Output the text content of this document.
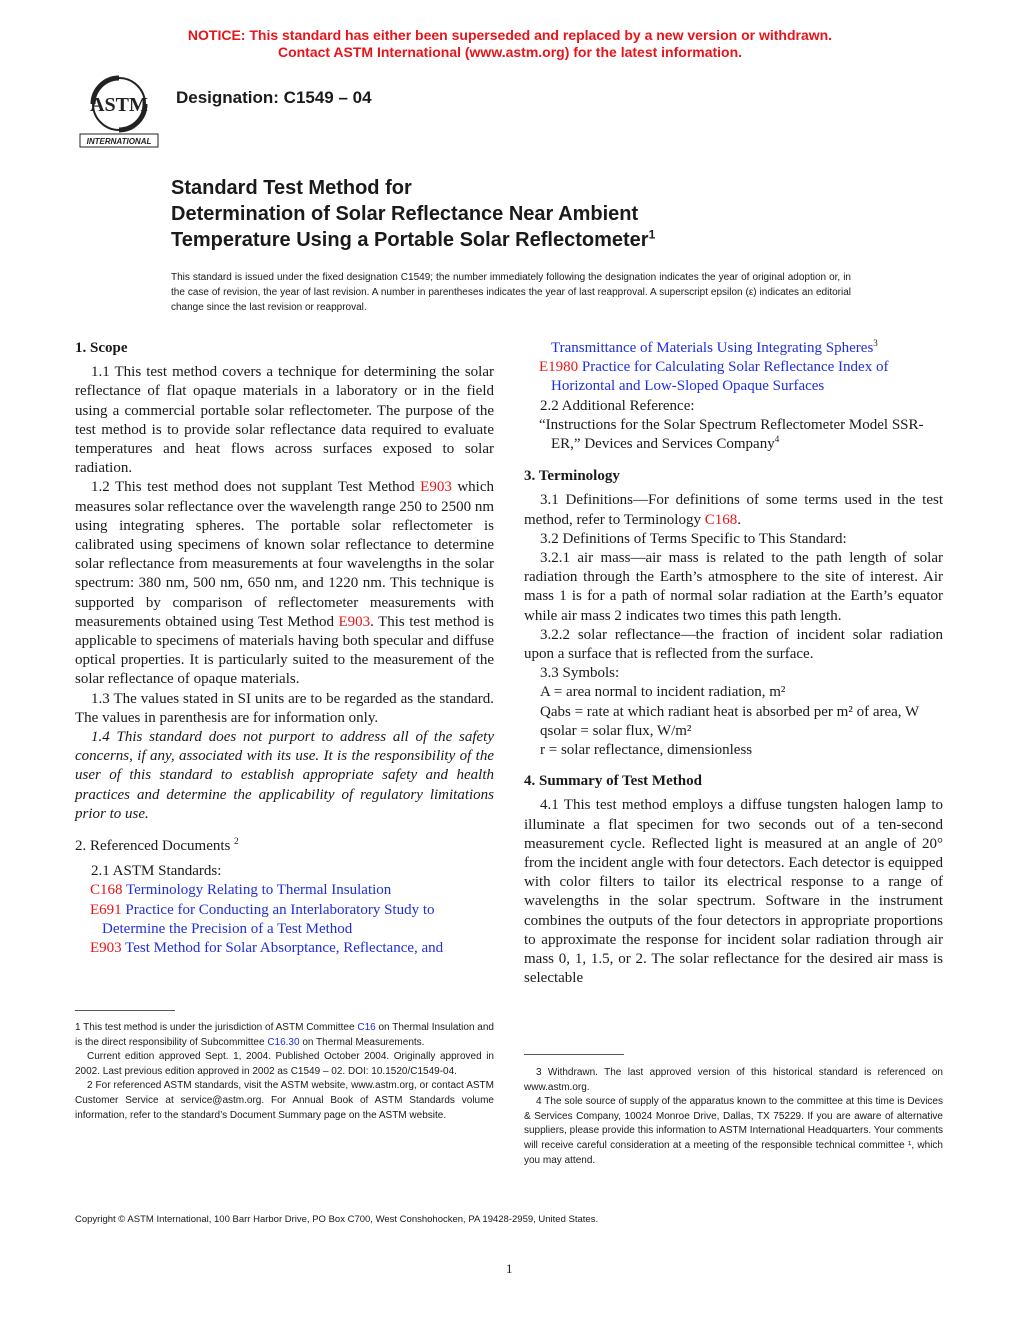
NOTICE: This standard has either been superseded and replaced by a new version or withdrawn.
Contact ASTM International (www.astm.org) for the latest information.
ASTM
INTERNATIONAL
Designation: C1549 – 04
Standard Test Method for
Determination of Solar Reflectance Near Ambient
Temperature Using a Portable Solar Reflectometer$^1$
This standard is issued under the fixed designation C1549; the number immediately following the designation indicates the year of original adoption or, in the case of revision, the year of last revision. A number in parentheses indicates the year of last reapproval. A superscript epsilon (ε) indicates an editorial change since the last revision or reapproval.

1. Scope

1.1 This test method covers a technique for determining the solar reflectance of flat opaque materials in a laboratory or in the field using a commercial portable solar reflectometer. The purpose of the test method is to provide solar reflectance data required to evaluate temperatures and heat flows across surfaces exposed to solar radiation.

1.2 This test method does not supplant Test Method E903 which measures solar reflectance over the wavelength range 250 to 2500 nm using integrating spheres. The portable solar reflectometer is calibrated using specimens of known solar reflectance to determine solar reflectance from measurements at four wavelengths in the solar spectrum: 380 nm, 500 nm, 650 nm, and 1220 nm. This technique is supported by comparison of reflectometer measurements with measurements obtained using Test Method E903. This test method is applicable to specimens of materials having both specular and diffuse optical properties. It is particularly suited to the measurement of the solar reflectance of opaque materials.

1.3 The values stated in SI units are to be regarded as the standard. The values in parenthesis are for information only.

1.4 This standard does not purport to address all of the safety concerns, if any, associated with its use. It is the responsibility of the user of this standard to establish appropriate safety and health practices and determine the applicability of regulatory limitations prior to use.

2. Referenced Documents $^2$

2.1 ASTM Standards:

C168 Terminology Relating to Thermal Insulation

E691 Practice for Conducting an Interlaboratory Study to Determine the Precision of a Test Method

E903 Test Method for Solar Absorptance, Reflectance, and

Transmittance of Materials Using Integrating Spheres$^3$

E1980 Practice for Calculating Solar Reflectance Index of Horizontal and Low-Sloped Opaque Surfaces

2.2 Additional Reference:

“Instructions for the Solar Spectrum Reflectometer Model SSR-ER,” Devices and Services Company$^4$

3. Terminology

3.1 Definitions—For definitions of some terms used in the test method, refer to Terminology C168.

3.2 Definitions of Terms Specific to This Standard:

3.2.1 air mass—air mass is related to the path length of solar radiation through the Earth’s atmosphere to the site of interest. Air mass 1 is for a path of normal solar radiation at the Earth’s equator while air mass 2 indicates two times this path length.

3.2.2 solar reflectance—the fraction of incident solar radiation upon a surface that is reflected from the surface.

3.3 Symbols:

A = area normal to incident radiation, m²

Qabs = rate at which radiant heat is absorbed per m² of area, W

qsolar = solar flux, W/m²

r = solar reflectance, dimensionless

4. Summary of Test Method

4.1 This test method employs a diffuse tungsten halogen lamp to illuminate a flat specimen for two seconds out of a ten-second measurement cycle. Reflected light is measured at an angle of 20° from the incident angle with four detectors. Each detector is equipped with color filters to tailor its electrical response to a range of wavelengths in the solar spectrum. Software in the instrument combines the outputs of the four detectors in appropriate proportions to approximate the response for incident solar radiation through air mass 0, 1, 1.5, or 2. The solar reflectance for the desired air mass is selectable

1 This test method is under the jurisdiction of ASTM Committee C16 on Thermal Insulation and is the direct responsibility of Subcommittee C16.30 on Thermal Measurements.

Current edition approved Sept. 1, 2004. Published October 2004. Originally approved in 2002. Last previous edition approved in 2002 as C1549 – 02. DOI: 10.1520/C1549-04.

2 For referenced ASTM standards, visit the ASTM website, www.astm.org, or contact ASTM Customer Service at service@astm.org. For Annual Book of ASTM Standards volume information, refer to the standard’s Document Summary page on the ASTM website.

3 Withdrawn. The last approved version of this historical standard is referenced on www.astm.org.

4 The sole source of supply of the apparatus known to the committee at this time is Devices & Services Company, 10024 Monroe Drive, Dallas, TX 75229. If you are aware of alternative suppliers, please provide this information to ASTM International Headquarters. Your comments will receive careful consideration at a meeting of the responsible technical committee ¹, which you may attend.

Copyright © ASTM International, 100 Barr Harbor Drive, PO Box C700, West Conshohocken, PA 19428-2959, United States.
1
